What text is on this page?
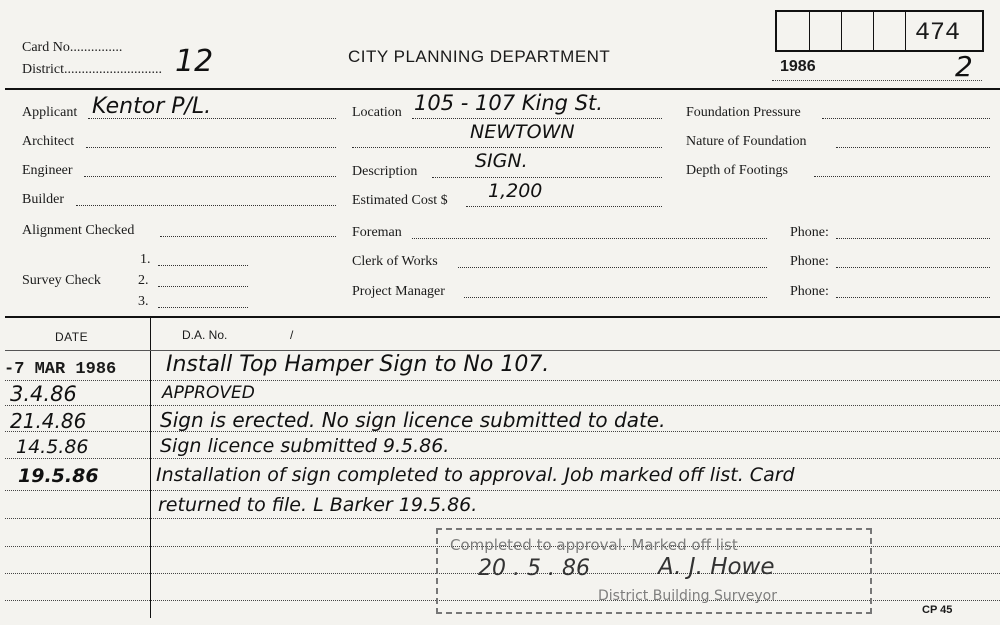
Card No...............
District............................ 12	CITY PLANNING DEPARTMENT
474
1986	2
Applicant Kentor P/L.
Architect
Engineer
Builder
Alignment Checked
Survey Check
1.
2.
3.
Location 105 - 107 King St.
NEWTOWN
Description	SIGN.
Estimated Cost $ 1,200
Foreman
Clerk of Works
Project Manager
Foundation Pressure
Nature of Foundation
Depth of Footings
Phone:
Phone:
Phone:
DATE	D.A. No.	/
-7 MAR 1986 Install Top Hamper Sign to No 107.
3.4.86	APPROVED
21.4.86	Sign is erected. No sign licence submitted to date.
14.5.86	Sign licence submitted 9.5.86.
19.5.86	Installation of sign completed to approval. Job marked off list. Card
returned to file. L Barker 19.5.86.
Completed to approval. Marked off list
20 . 5 . 86	A. J. Howe
District Building Surveyor
CP 45
